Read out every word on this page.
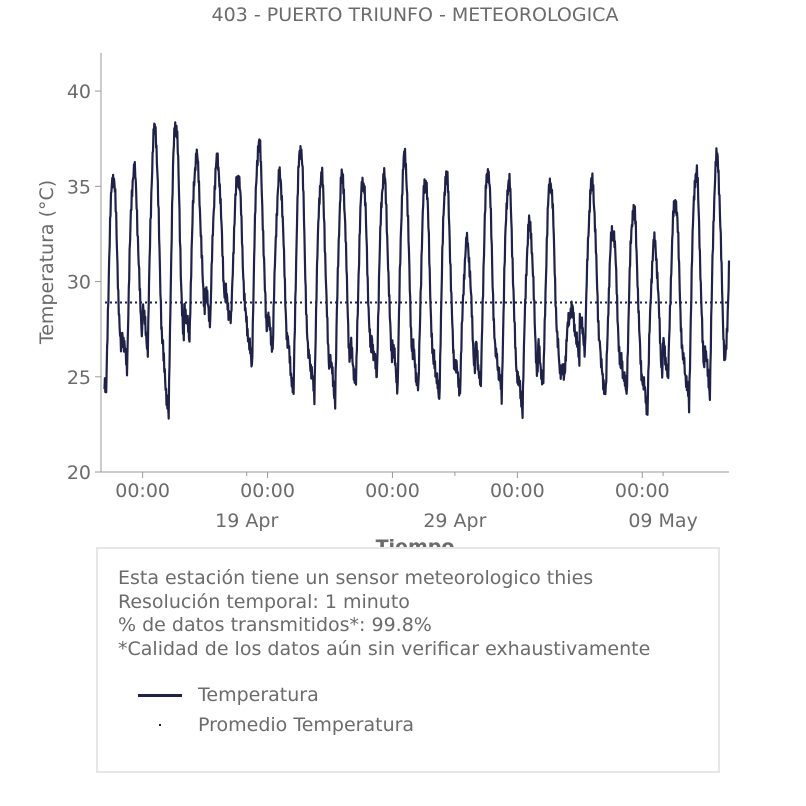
403 - PUERTO TRIUNFO - METEOROLOGICA
20
25
30
35
40
00:00	00:00	00:00	00:00	00:00
19 Apr	29 Apr	09 May
Temperatura (°C)
Esta estación tiene un sensor meteorologico thies
Resolución temporal: 1 minuto
% de datos transmitidos*: 99.8%
*Calidad de los datos aún sin verificar exhaustivamente
Temperatura
Promedio Temperatura
